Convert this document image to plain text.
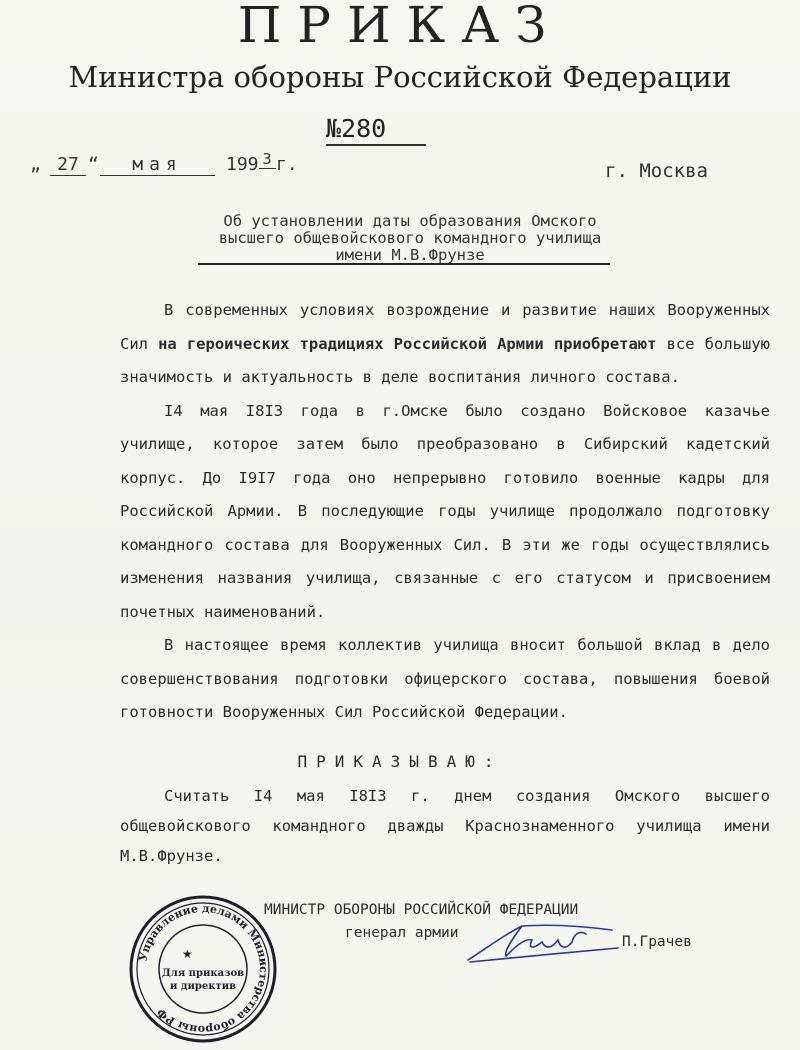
ПРИКАЗ
Министра обороны Российской Федерации
№280
„ 27 “	мая	199 3 г.	г. Москва
Об установлении даты образования Омского
высшего общевойскового командного училища
имени М.В.Фрунзе

В современных условиях возрождение и развитие наших Вооруженных Сил на героических традициях Российской Армии приобретают все большую значимость и актуальность в деле воспитания личного состава.

I4 мая I8I3 года в г.Омске было создано Войсковое казачье училище, которое затем было преобразовано в Сибирский кадетский корпус. До I9I7 года оно непрерывно готовило военные кадры для Российской Армии. В последующие годы училище продолжало подготовку командного состава для Вооруженных Сил. В эти же годы осуществлялись изменения названия училища, связанные с его статусом и присвоением почетных наименований.

В настоящее время коллектив училища вносит большой вклад в дело совершенствования подготовки офицерского состава, повышения боевой готовности Вооруженных Сил Российской Федерации.

ПРИКАЗЫВАЮ:

Считать I4 мая I8I3 г. днем создания Омского высшего общевойскового командного дважды Краснознаменного училища имени М.В.Фрунзе.

МИНИСТР ОБОРОНЫ РОССИЙСКОЙ ФЕДЕРАЦИИ
генерал армии
П.Грачев
Управление делами Министерства обороны РФ
★
Для приказов
и директив
